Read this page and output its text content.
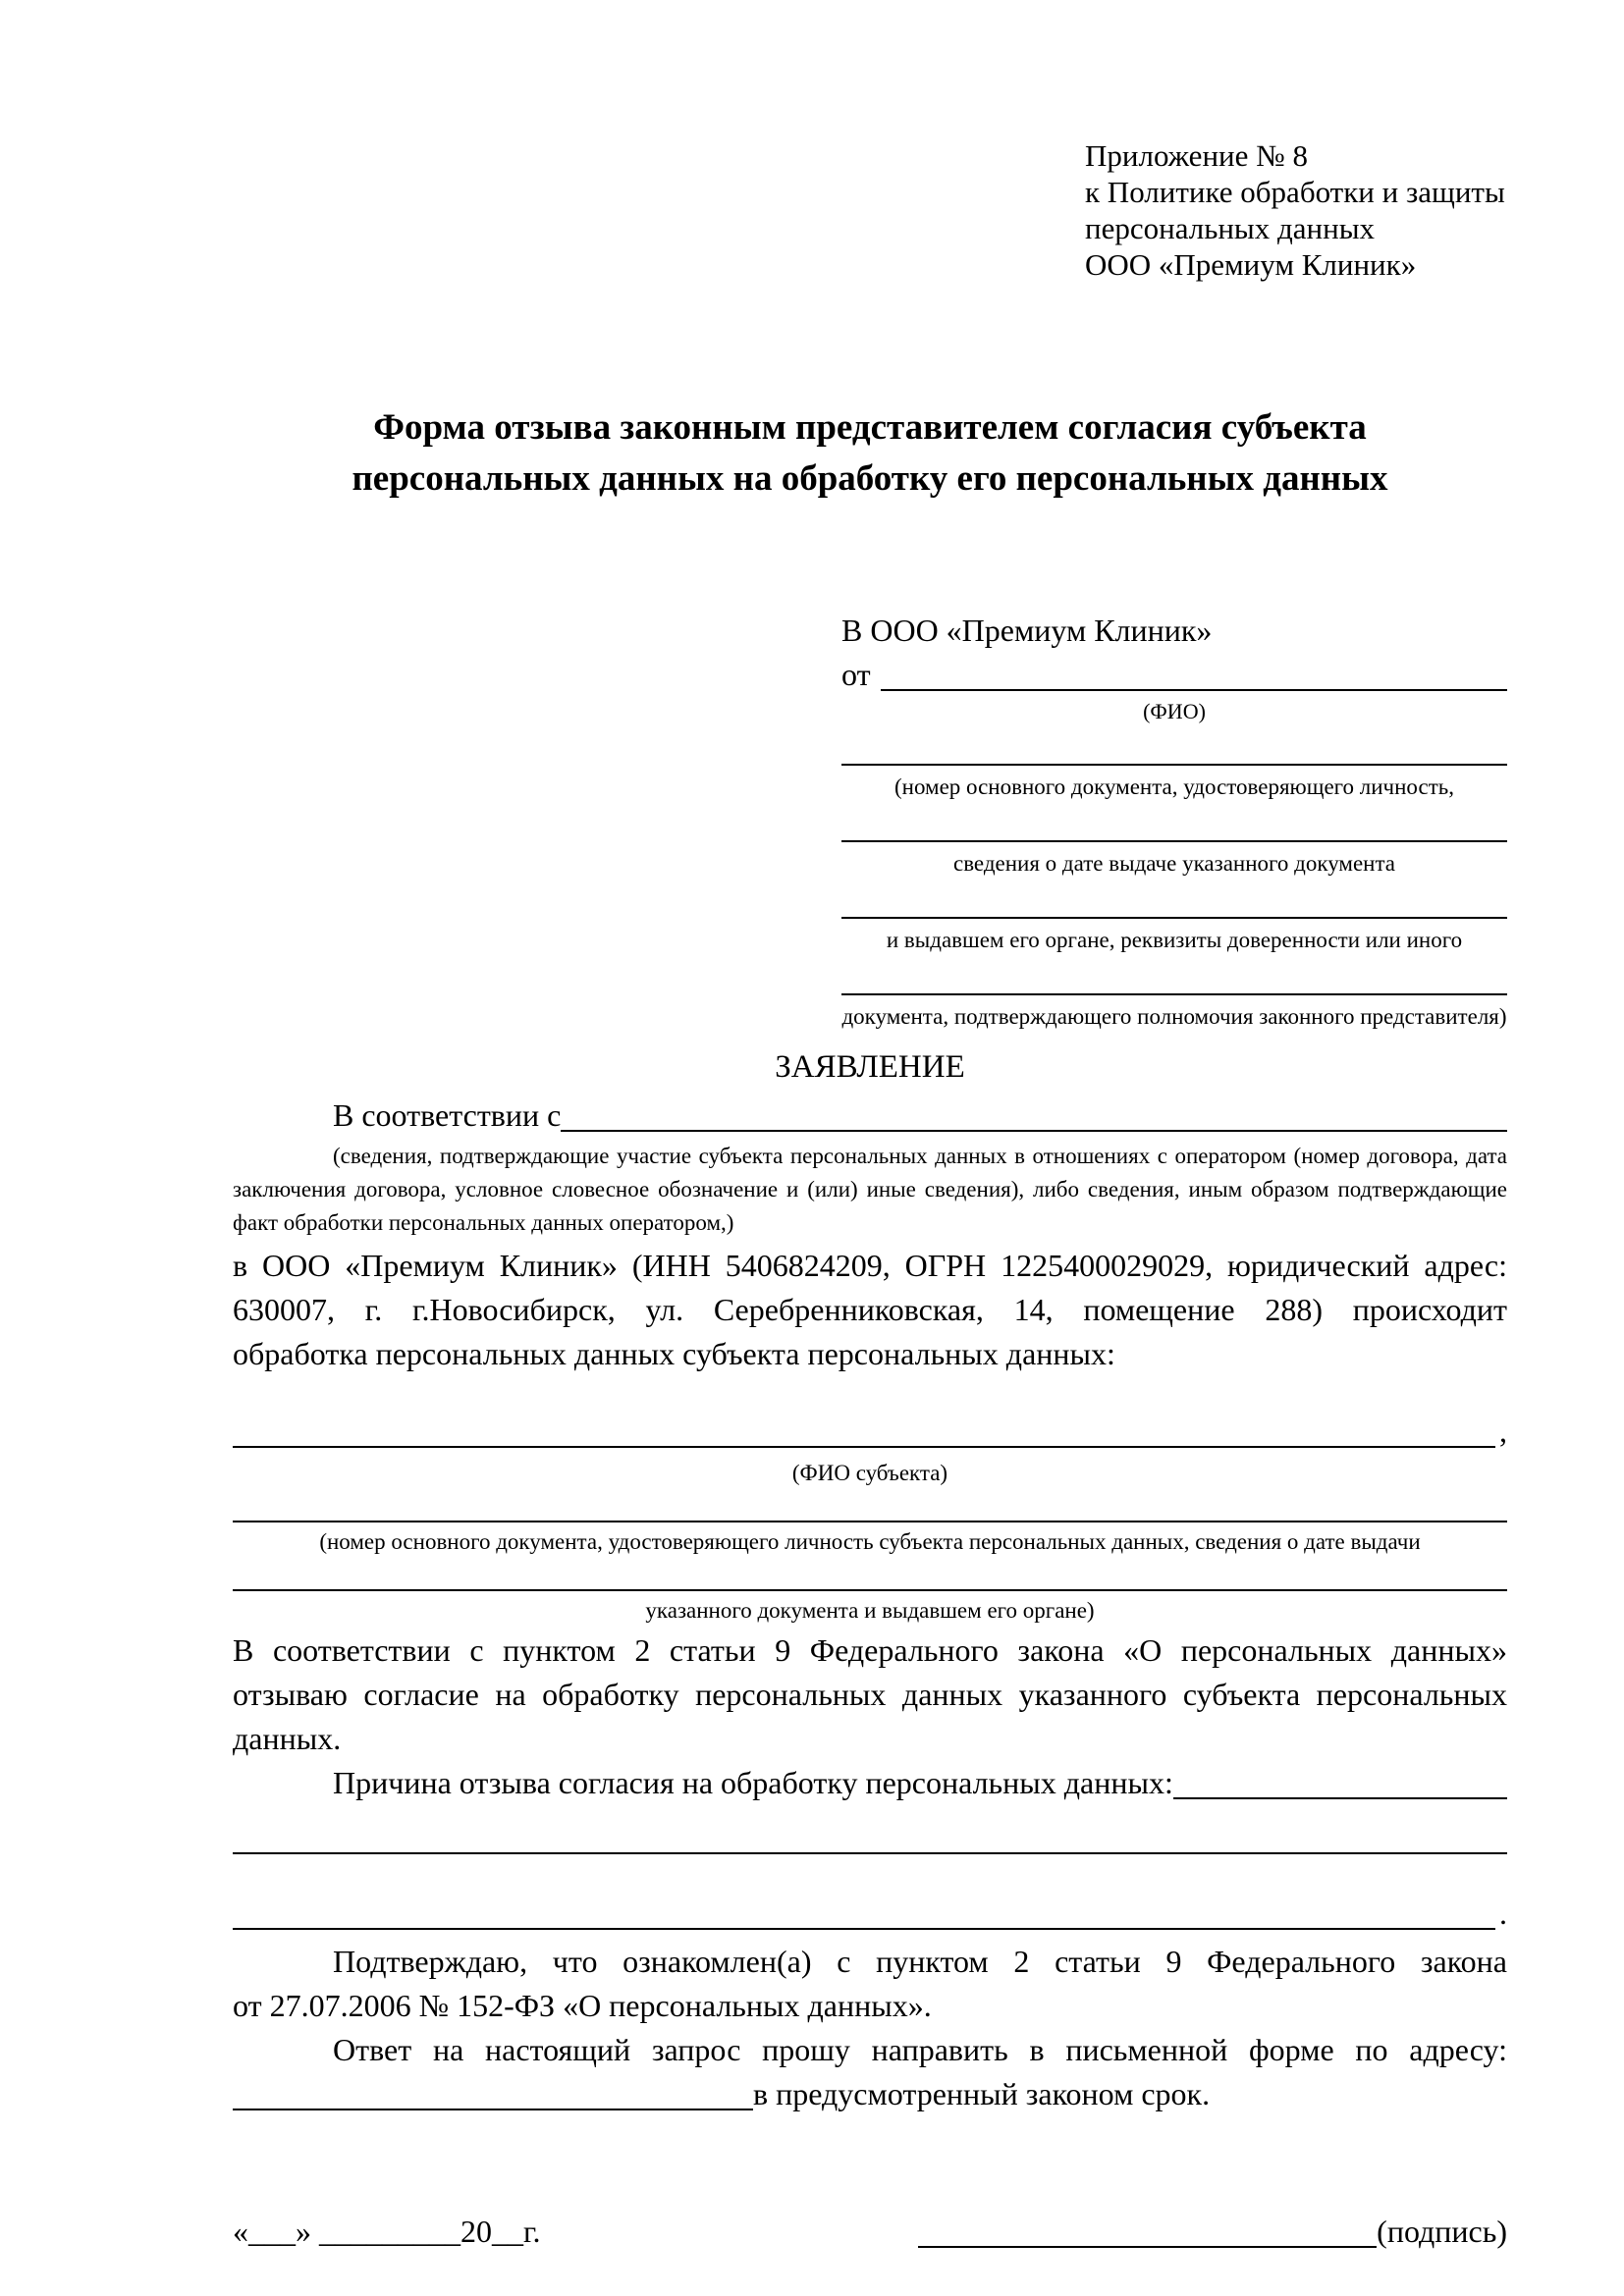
Приложение № 8
к Политике обработки и защиты
персональных данных
ООО «Премиум Клиник»
Форма отзыва законным представителем согласия субъекта
персональных данных на обработку его персональных данных
В ООО «Премиум Клиник»
от
(ФИО)
(номер основного документа, удостоверяющего личность,
сведения о дате выдаче указанного документа
и выдавшем его органе, реквизиты доверенности или иного
документа, подтверждающего полномочия законного представителя)
ЗАЯВЛЕНИЕ
В соответствии с
(сведения, подтверждающие участие субъекта персональных данных в отношениях с оператором (номер договора, дата заключения договора, условное словесное обозначение и (или) иные сведения), либо сведения, иным образом подтверждающие факт обработки персональных данных оператором,)
в ООО «Премиум Клиник» (ИНН 5406824209, ОГРН 1225400029029, юридический адрес:
630007, г. г.Новосибирск, ул. Серебренниковская, 14, помещение 288) происходит
обработка персональных данных субъекта персональных данных:
,
(ФИО субъекта)
(номер основного документа, удостоверяющего личность субъекта персональных данных, сведения о дате выдачи
указанного документа и выдавшем его органе)
В соответствии с пунктом 2 статьи 9 Федерального закона «О персональных данных»
отзываю согласие на обработку персональных данных указанного субъекта персональных
данных.
Причина отзыва согласия на обработку персональных данных:
.
Подтверждаю, что ознакомлен(а) с пунктом 2 статьи 9 Федерального закона
от 27.07.2006 № 152-ФЗ «О персональных данных».
Ответ на настоящий запрос прошу направить в письменной форме по адресу:
в предусмотренный законом срок.
«___» _________20__г.	(подпись)
